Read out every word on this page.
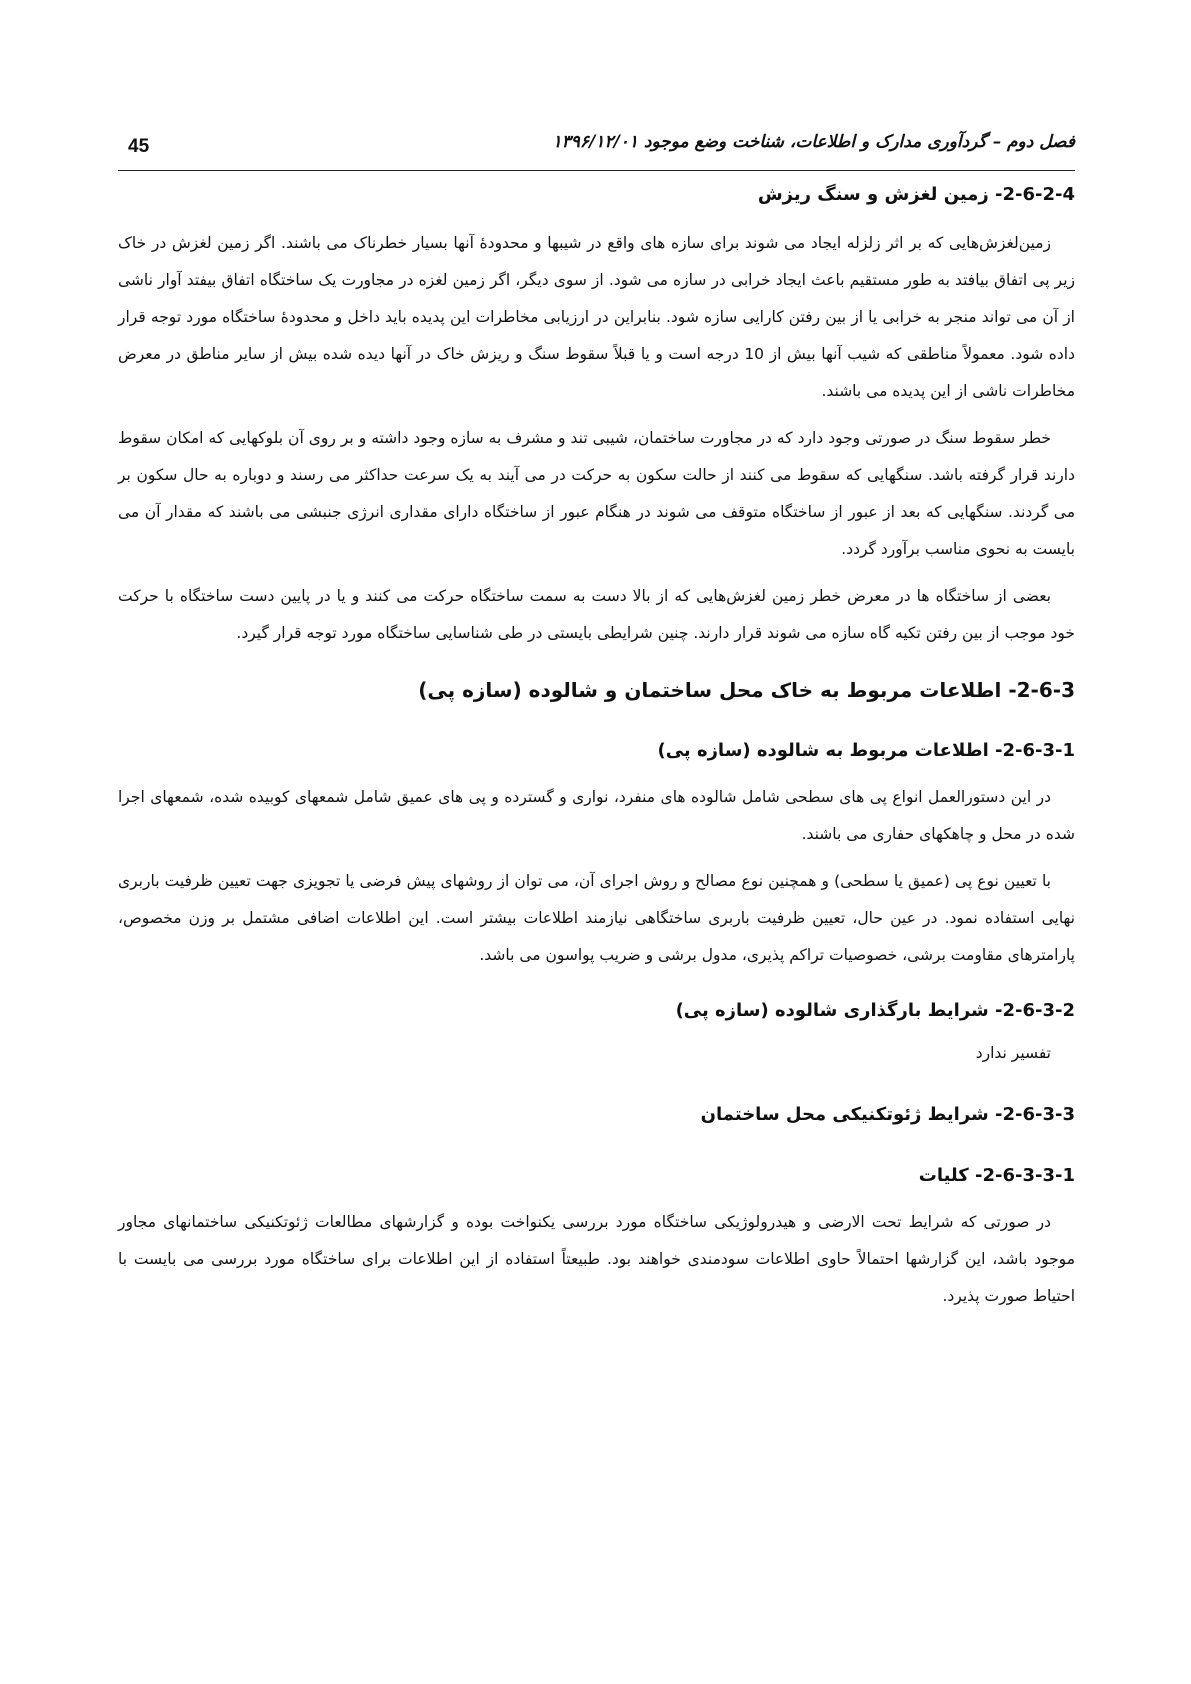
45	فصل دوم – گردآوری مدارک و اطلاعات، شناخت وضع موجود ۱۳۹۶/۱۲/۰۱
2-6-2-4- زمین لغزش و سنگ ریزش

زمین‌لغزش‌هایی که بر اثر زلزله ایجاد می شوند برای سازه های واقع در شیبها و محدودهٔ آنها بسیار خطرناک می باشند. اگر زمین لغزش در خاک زیر پی اتفاق بیافتد به طور مستقیم باعث ایجاد خرابی در سازه می شود. از سوی دیگر، اگر زمین لغزه در مجاورت یک ساختگاه اتفاق بیفتد آوار ناشی از آن می تواند منجر به خرابی یا از بین رفتن کارایی سازه شود. بنابراین در ارزیابی مخاطرات این پدیده باید داخل و محدودهٔ ساختگاه مورد توجه قرار داده شود. معمولاً مناطقی که شیب آنها بیش از 10 درجه است و یا قبلاً سقوط سنگ و ریزش خاک در آنها دیده شده بیش از سایر مناطق در معرض مخاطرات ناشی از این پدیده می باشند.

خطر سقوط سنگ در صورتی وجود دارد که در مجاورت ساختمان، شیبی تند و مشرف به سازه وجود داشته و بر روی آن بلوکهایی که امکان سقوط دارند قرار گرفته باشد. سنگهایی که سقوط می کنند از حالت سکون به حرکت در می آیند به یک سرعت حداکثر می رسند و دوباره به حال سکون بر می گردند. سنگهایی که بعد از عبور از ساختگاه متوقف می شوند در هنگام عبور از ساختگاه دارای مقداری انرژی جنبشی می باشند که مقدار آن می بایست به نحوی مناسب برآورد گردد.

بعضی از ساختگاه ها در معرض خطر زمین لغزش‌هایی که از بالا دست به سمت ساختگاه حرکت می کنند و یا در پایین دست ساختگاه با حرکت خود موجب از بین رفتن تکیه گاه سازه می شوند قرار دارند. چنین شرایطی بایستی در طی شناسایی ساختگاه مورد توجه قرار گیرد.

2-6-3- اطلاعات مربوط به خاک محل ساختمان و شالوده (سازه پی)
2-6-3-1- اطلاعات مربوط به شالوده (سازه پی)

در این دستورالعمل انواع پی های سطحی شامل شالوده های منفرد، نواری و گسترده و پی های عمیق شامل شمعهای کوبیده شده، شمعهای اجرا شده در محل و چاهکهای حفاری می باشند.

با تعیین نوع پی (عمیق یا سطحی) و همچنین نوع مصالح و روش اجرای آن، می توان از روشهای پیش فرضی یا تجویزی جهت تعیین ظرفیت باربری نهایی استفاده نمود. در عین حال، تعیین ظرفیت باربری ساختگاهی نیازمند اطلاعات بیشتر است. این اطلاعات اضافی مشتمل بر وزن مخصوص، پارامترهای مقاومت برشی، خصوصیات تراکم پذیری، مدول برشی و ضریب پواسون می باشد.

2-6-3-2- شرایط بارگذاری شالوده (سازه پی)

تفسیر ندارد

2-6-3-3- شرایط ژئوتکنیکی محل ساختمان
2-6-3-3-1- کلیات

در صورتی که شرایط تحت الارضی و هیدرولوژیکی ساختگاه مورد بررسی یکنواخت بوده و گزارشهای مطالعات ژئوتکنیکی ساختمانهای مجاور موجود باشد، این گزارشها احتمالاً حاوی اطلاعات سودمندی خواهند بود. طبیعتاً استفاده از این اطلاعات برای ساختگاه مورد بررسی می بایست با احتیاط صورت پذیرد.
